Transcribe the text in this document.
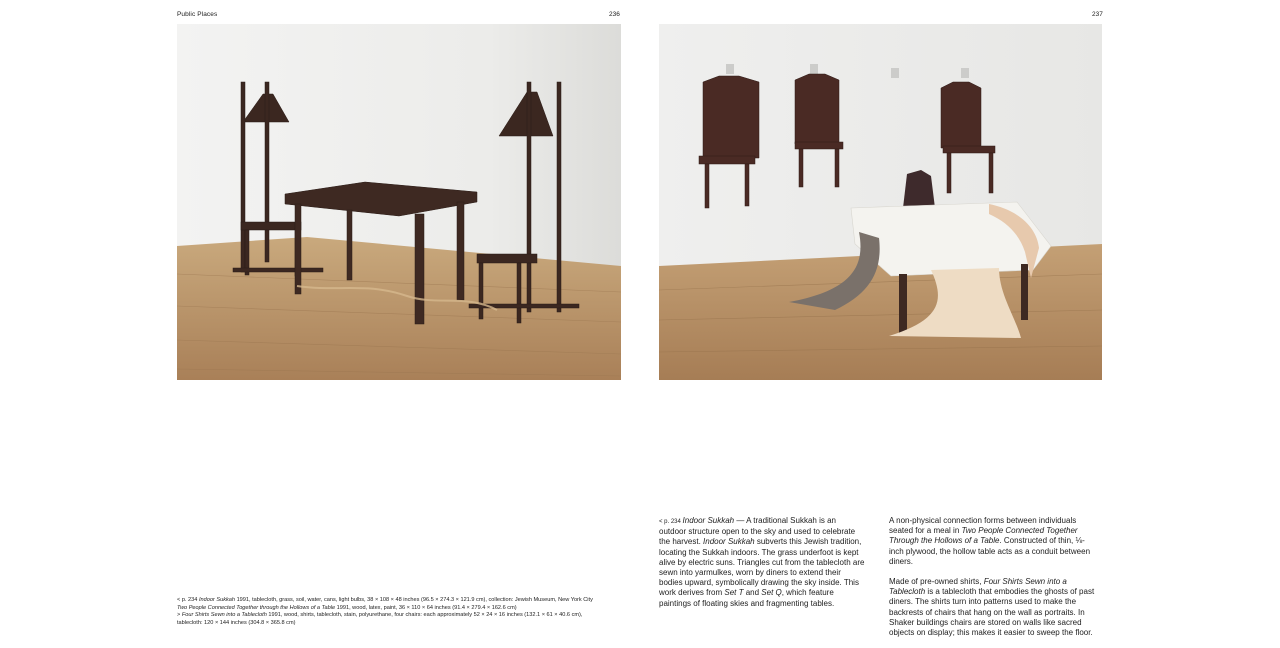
Public Places	236
< p. 234 Indoor Sukkah 1991, tablecloth, grass, soil, water, cans, light bulbs, 38 × 108 × 48 inches (96.5 × 274.3 × 121.9 cm), collection: Jewish Museum, New York City
Two People Connected Together through the Hollows of a Table 1991, wood, latex, paint, 36 × 110 × 64 inches (91.4 × 279.4 × 162.6 cm)
> Four Shirts Sewn into a Tablecloth 1991, wood, shirts, tablecloth, stain, polyurethane, four chairs: each approximately 52 × 24 × 16 inches (132.1 × 61 × 40.6 cm),
tablecloth: 120 × 144 inches (304.8 × 365.8 cm)
237

< p. 234 Indoor Sukkah — A traditional Sukkah is an outdoor structure open to the sky and used to celebrate the harvest. Indoor Sukkah subverts this Jewish tradition, locating the Sukkah indoors. The grass underfoot is kept alive by electric suns. Triangles cut from the tablecloth are sewn into yarmulkes, worn by diners to extend their bodies upward, symbolically drawing the sky inside. This work derives from Set T and Set Q, which feature paintings of floating skies and fragmenting tables.

A non-physical connection forms between individuals seated for a meal in Two People Connected Together Through the Hollows of a Table. Constructed of thin, ⅛-inch plywood, the hollow table acts as a conduit between diners.

Made of pre-owned shirts, Four Shirts Sewn into a Tablecloth is a tablecloth that embodies the ghosts of past diners. The shirts turn into patterns used to make the backrests of chairs that hang on the wall as portraits. In Shaker buildings chairs are stored on walls like sacred objects on display; this makes it easier to sweep the floor.
